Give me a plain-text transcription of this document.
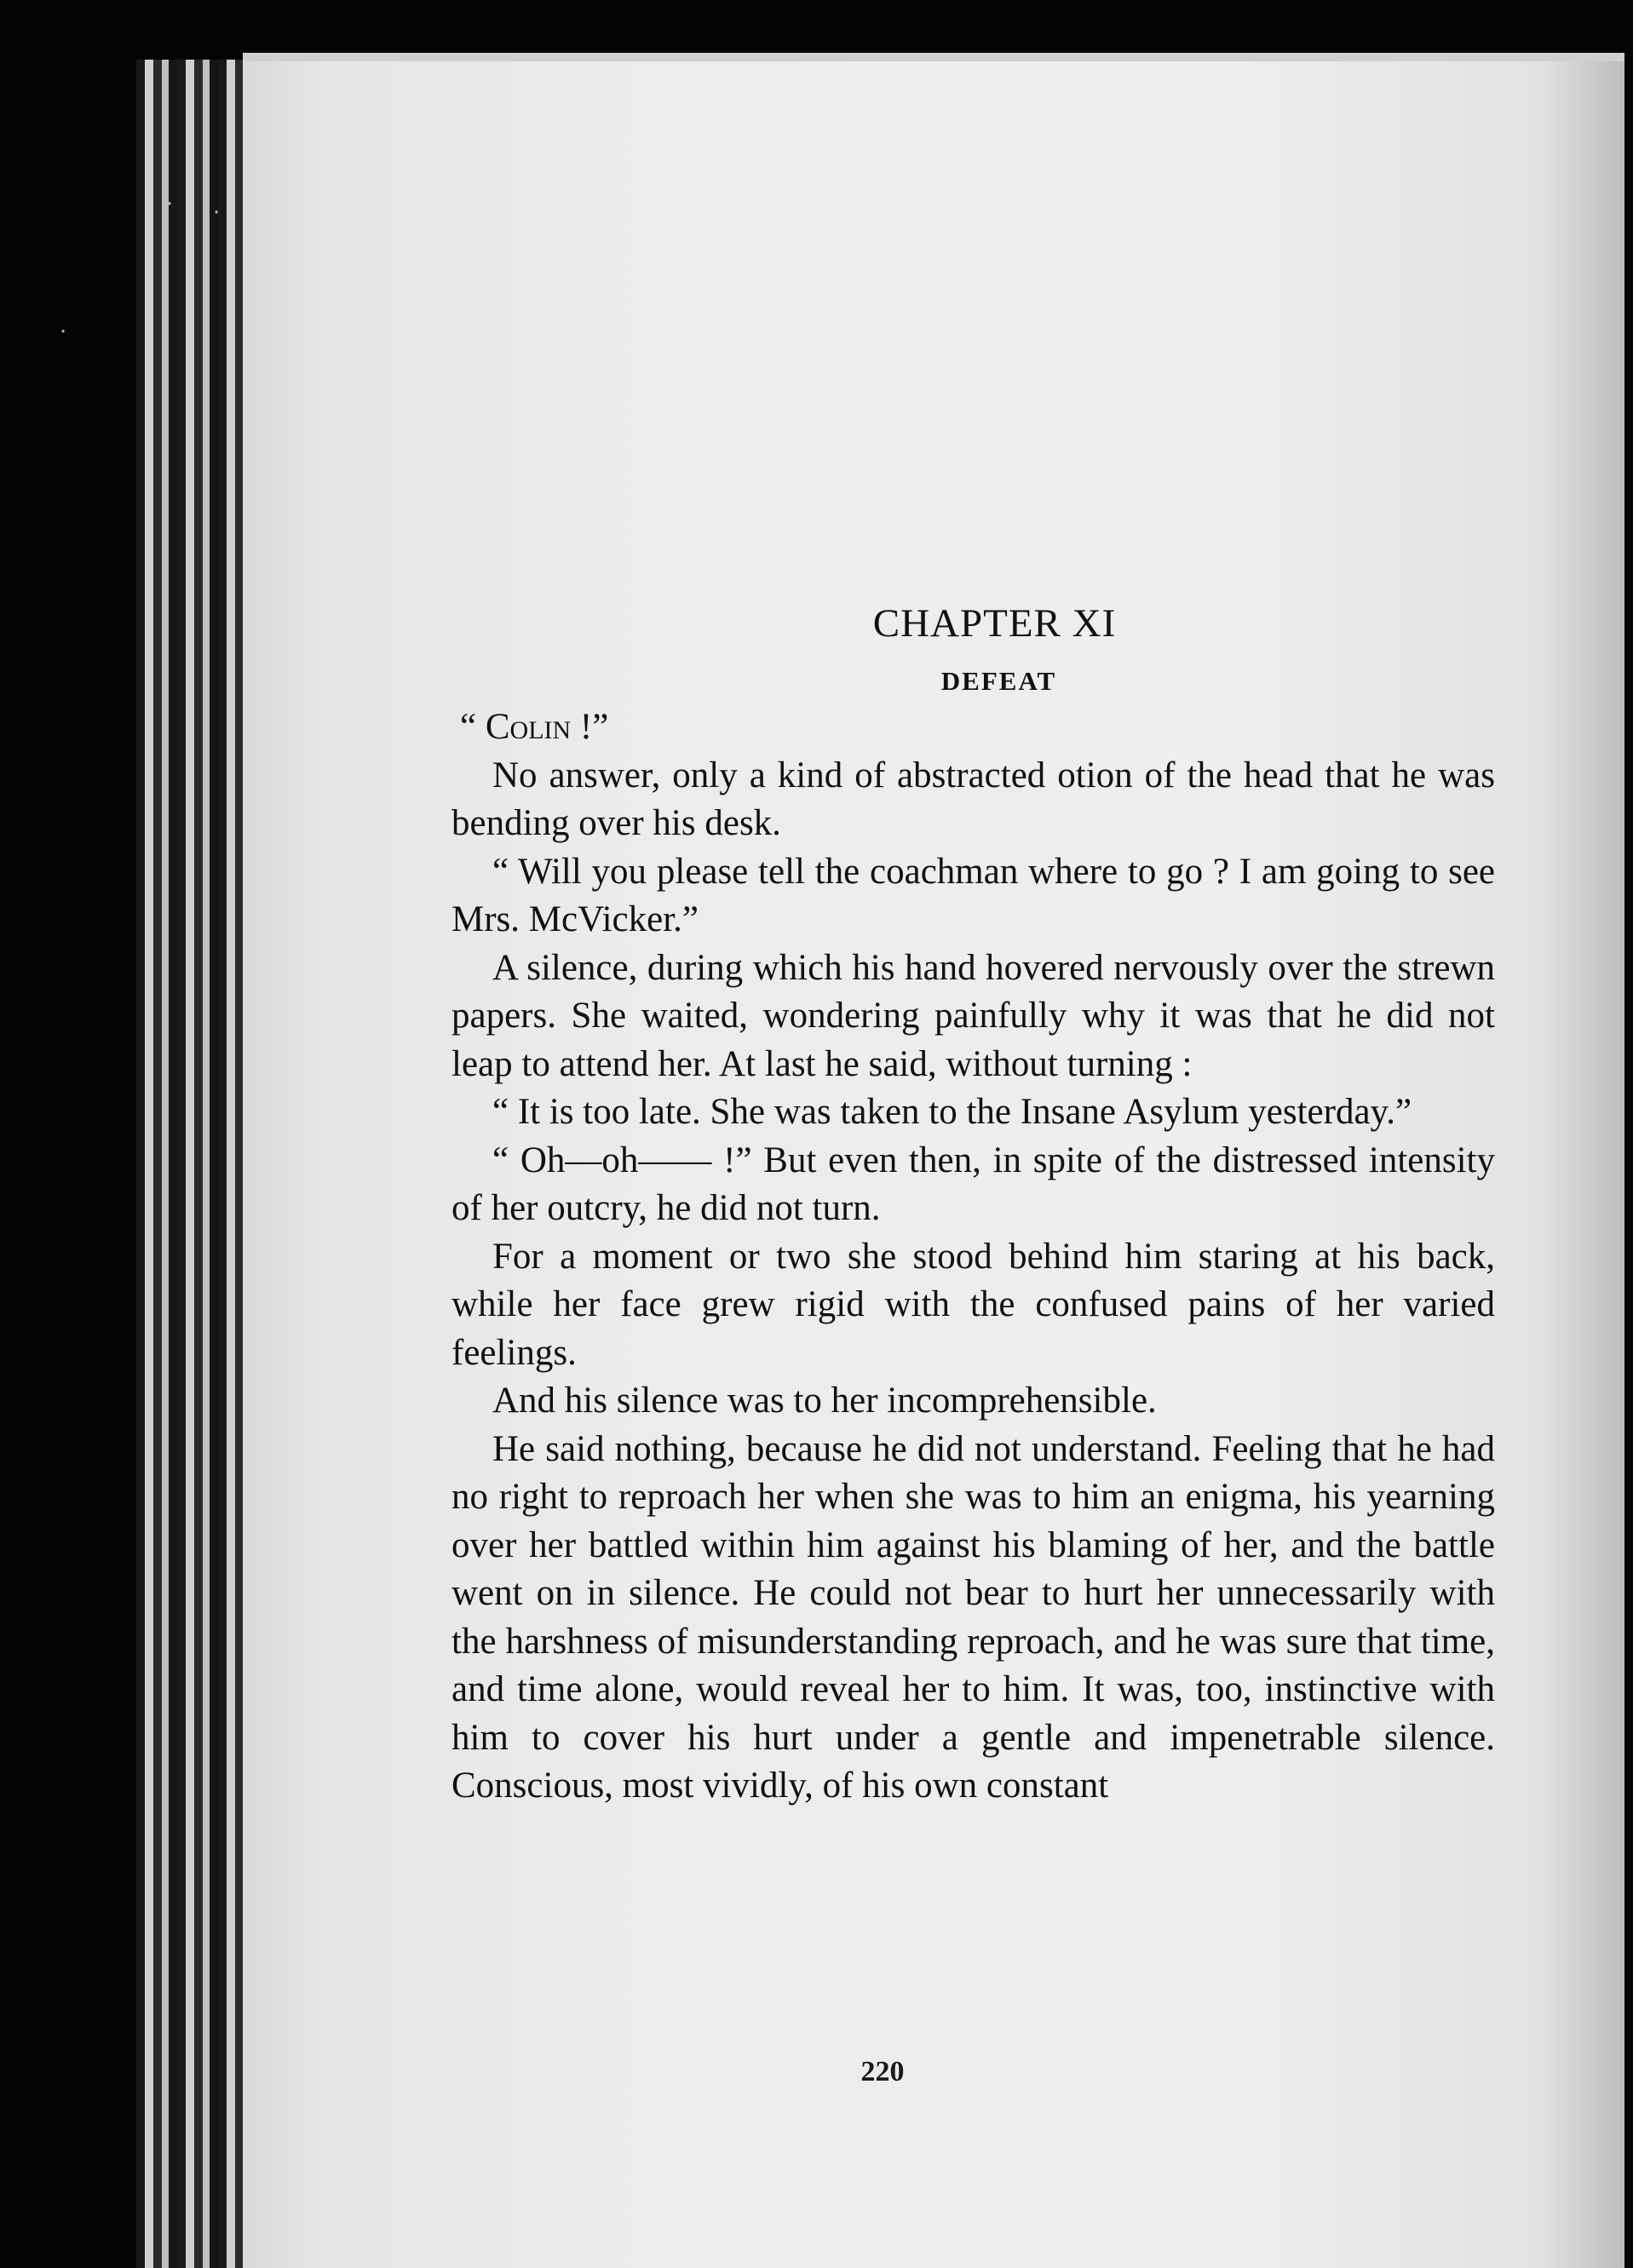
· ·
·
CHAPTER XI
DEFEAT

“ Colin !”

No answer, only a kind of abstracted otion of the head that he was bending over his desk.

“ Will you please tell the coachman where to go ? I am going to see Mrs. McVicker.”

A silence, during which his hand hovered nervously over the strewn papers. She waited, wondering painfully why it was that he did not leap to attend her. At last he said, without turning :

“ It is too late. She was taken to the Insane Asylum yesterday.”

“ Oh—oh—— !” But even then, in spite of the distressed intensity of her outcry, he did not turn.

For a moment or two she stood behind him staring at his back, while her face grew rigid with the confused pains of her varied feelings.

And his silence was to her incomprehensible.

He said nothing, because he did not understand. Feeling that he had no right to reproach her when she was to him an enigma, his yearning over her battled within him against his blaming of her, and the battle went on in silence. He could not bear to hurt her unnecessarily with the harshness of misunderstanding reproach, and he was sure that time, and time alone, would reveal her to him. It was, too, instinctive with him to cover his hurt under a gentle and impenetrable silence. Conscious, most vividly, of his own constant

220
